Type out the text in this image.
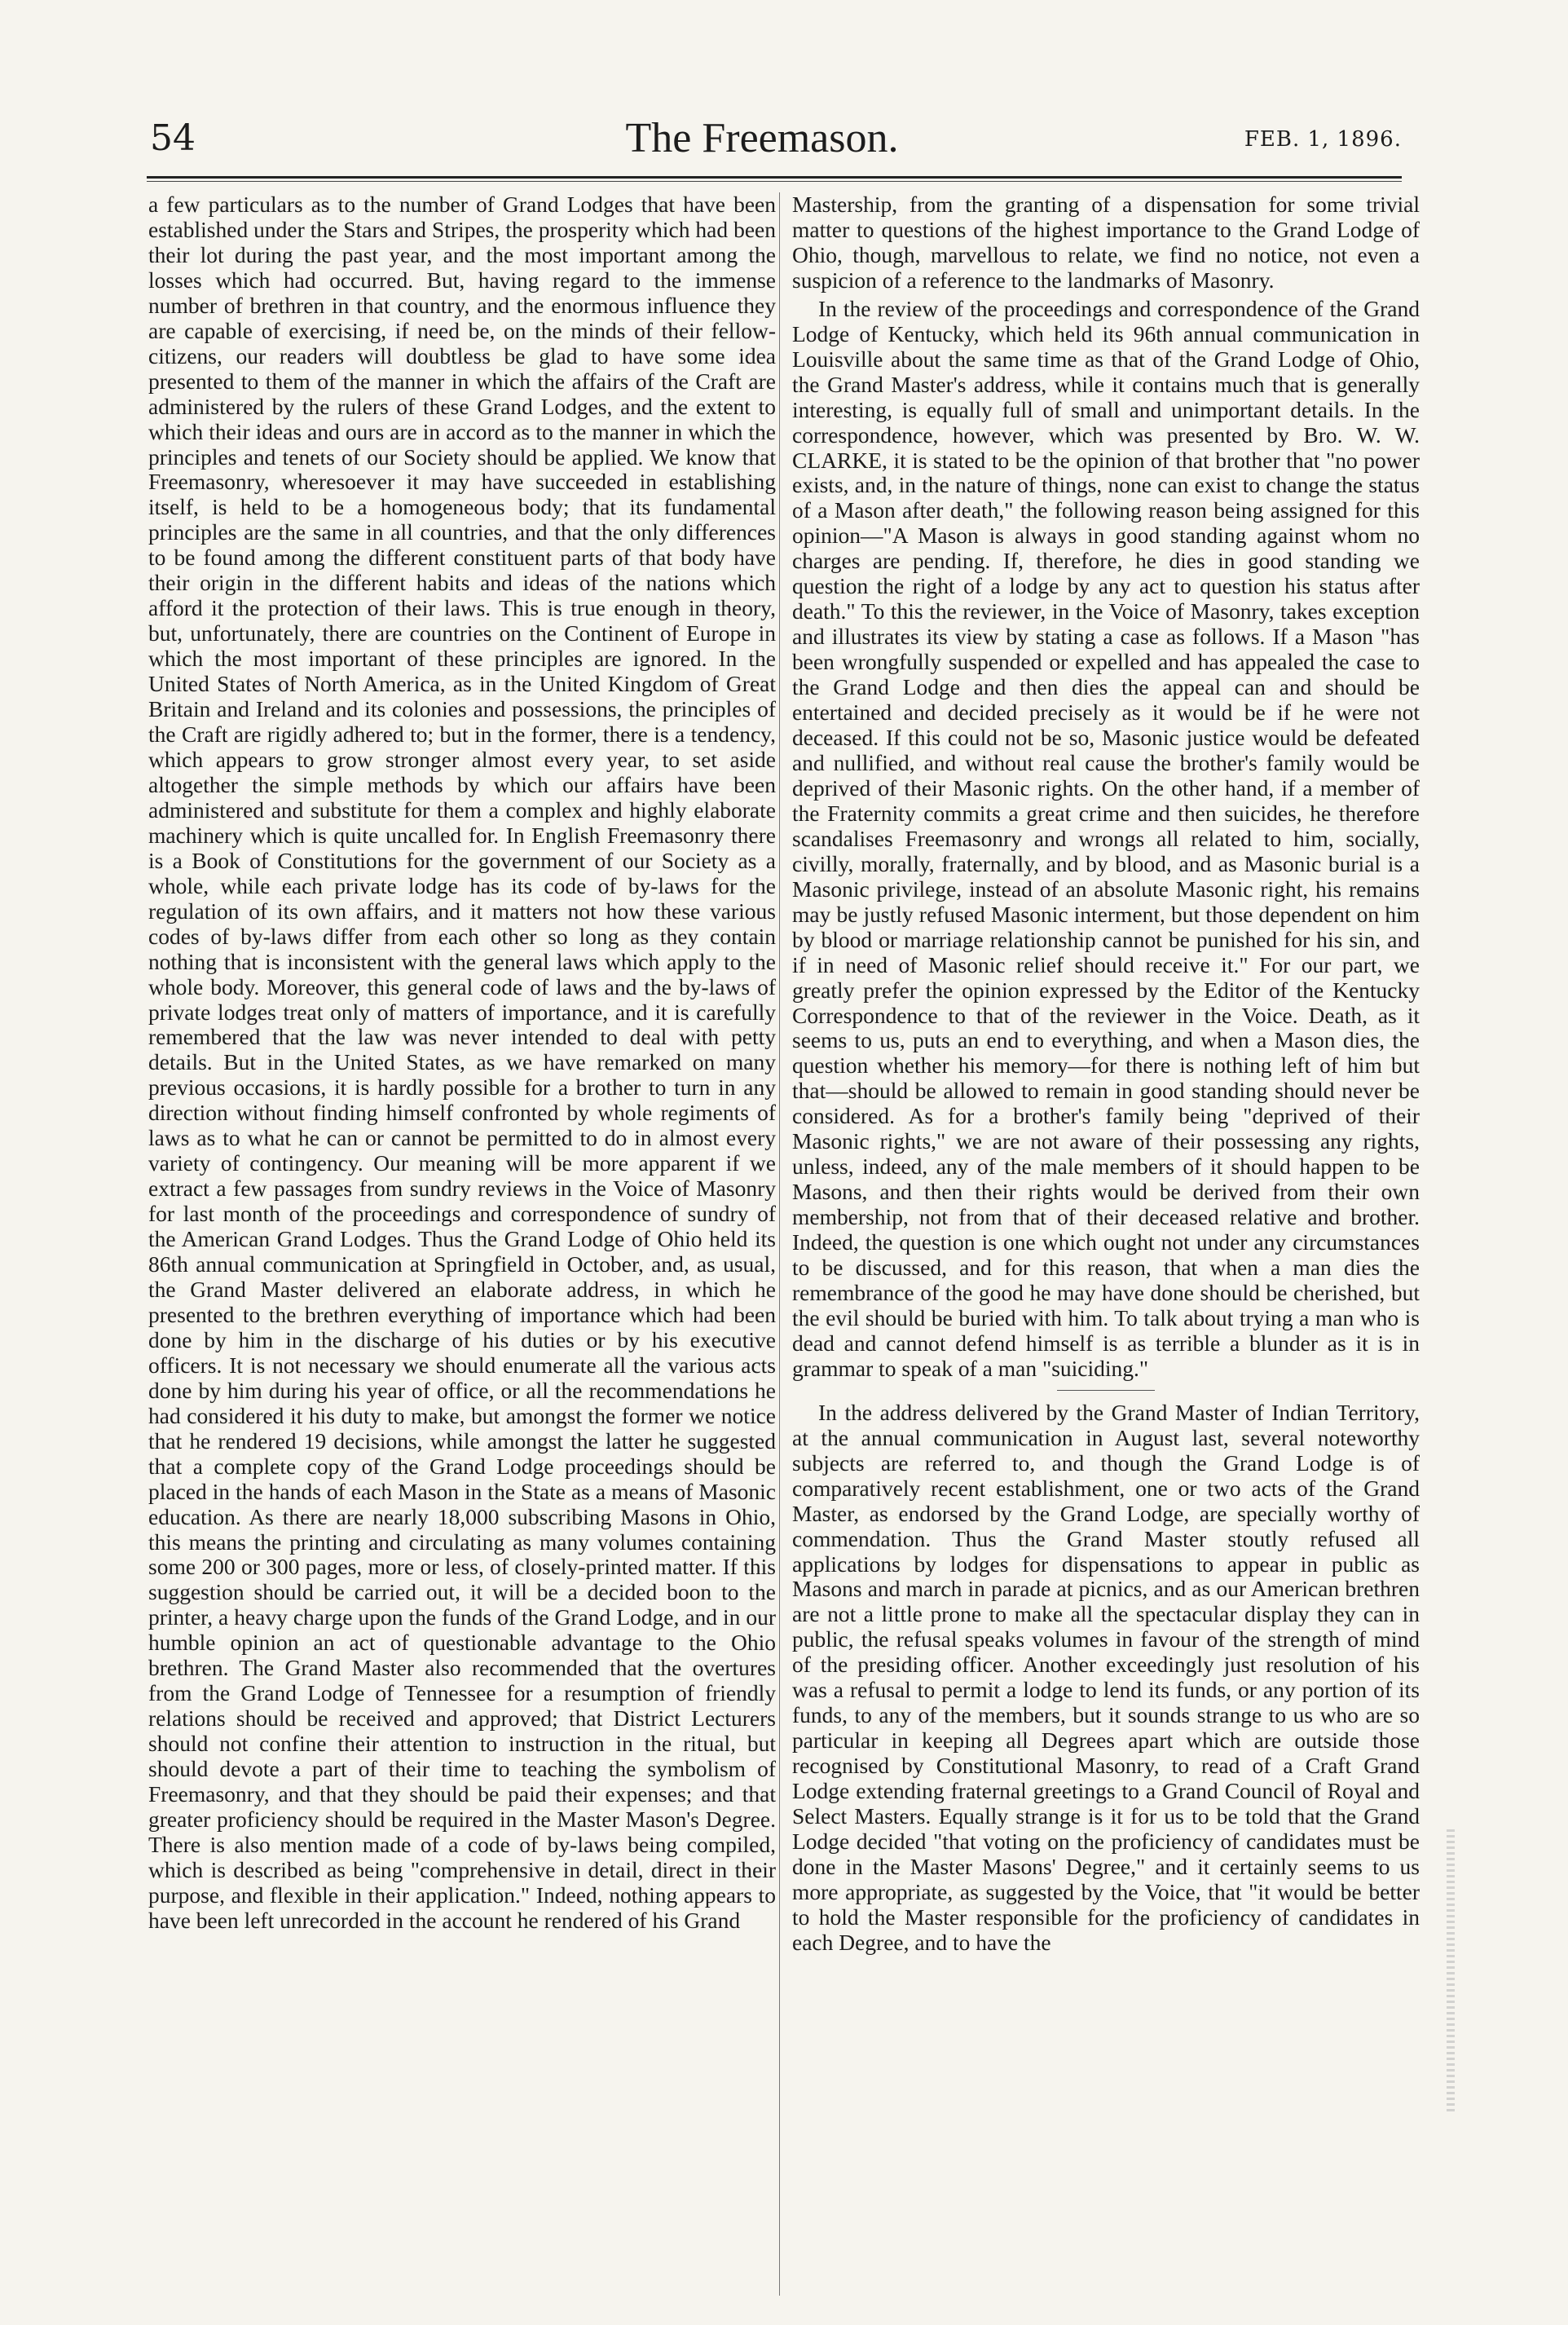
54	The Freemason.	FEB. 1, 1896.

a few particulars as to the number of Grand Lodges that have been established under the Stars and Stripes, the prosperity which had been their lot during the past year, and the most important among the losses which had occurred. But, having regard to the immense number of brethren in that country, and the enormous influence they are capable of exercising, if need be, on the minds of their fellow-citizens, our readers will doubtless be glad to have some idea presented to them of the manner in which the affairs of the Craft are administered by the rulers of these Grand Lodges, and the extent to which their ideas and ours are in accord as to the manner in which the principles and tenets of our Society should be applied. We know that Freemasonry, wheresoever it may have succeeded in establishing itself, is held to be a homogeneous body; that its fundamental principles are the same in all countries, and that the only differences to be found among the different constituent parts of that body have their origin in the different habits and ideas of the nations which afford it the protection of their laws. This is true enough in theory, but, unfortunately, there are countries on the Continent of Europe in which the most important of these principles are ignored. In the United States of North America, as in the United Kingdom of Great Britain and Ireland and its colonies and possessions, the principles of the Craft are rigidly adhered to; but in the former, there is a tendency, which appears to grow stronger almost every year, to set aside altogether the simple methods by which our affairs have been administered and substitute for them a complex and highly elaborate machinery which is quite uncalled for. In English Freemasonry there is a Book of Constitutions for the government of our Society as a whole, while each private lodge has its code of by-laws for the regulation of its own affairs, and it matters not how these various codes of by-laws differ from each other so long as they contain nothing that is inconsistent with the general laws which apply to the whole body. Moreover, this general code of laws and the by-laws of private lodges treat only of matters of importance, and it is carefully remembered that the law was never intended to deal with petty details. But in the United States, as we have remarked on many previous occasions, it is hardly possible for a brother to turn in any direction without finding himself confronted by whole regiments of laws as to what he can or cannot be permitted to do in almost every variety of contingency. Our meaning will be more apparent if we extract a few passages from sundry reviews in the Voice of Masonry for last month of the proceedings and correspondence of sundry of the American Grand Lodges. Thus the Grand Lodge of Ohio held its 86th annual communication at Springfield in October, and, as usual, the Grand Master delivered an elaborate address, in which he presented to the brethren everything of importance which had been done by him in the discharge of his duties or by his executive officers. It is not necessary we should enumerate all the various acts done by him during his year of office, or all the recommendations he had considered it his duty to make, but amongst the former we notice that he rendered 19 decisions, while amongst the latter he suggested that a complete copy of the Grand Lodge proceedings should be placed in the hands of each Mason in the State as a means of Masonic education. As there are nearly 18,000 subscribing Masons in Ohio, this means the printing and circulating as many volumes containing some 200 or 300 pages, more or less, of closely-printed matter. If this suggestion should be carried out, it will be a decided boon to the printer, a heavy charge upon the funds of the Grand Lodge, and in our humble opinion an act of questionable advantage to the Ohio brethren. The Grand Master also recommended that the overtures from the Grand Lodge of Tennessee for a resumption of friendly relations should be received and approved; that District Lecturers should not confine their attention to instruction in the ritual, but should devote a part of their time to teaching the symbolism of Freemasonry, and that they should be paid their expenses; and that greater proficiency should be required in the Master Mason's Degree. There is also mention made of a code of by-laws being compiled, which is described as being "comprehensive in detail, direct in their purpose, and flexible in their application." Indeed, nothing appears to have been left unrecorded in the account he rendered of his Grand

Mastership, from the granting of a dispensation for some trivial matter to questions of the highest importance to the Grand Lodge of Ohio, though, marvellous to relate, we find no notice, not even a suspicion of a reference to the landmarks of Masonry.

In the review of the proceedings and correspondence of the Grand Lodge of Kentucky, which held its 96th annual communication in Louisville about the same time as that of the Grand Lodge of Ohio, the Grand Master's address, while it contains much that is generally interesting, is equally full of small and unimportant details. In the correspondence, however, which was presented by Bro. W. W. CLARKE, it is stated to be the opinion of that brother that "no power exists, and, in the nature of things, none can exist to change the status of a Mason after death," the following reason being assigned for this opinion—"A Mason is always in good standing against whom no charges are pending. If, therefore, he dies in good standing we question the right of a lodge by any act to question his status after death." To this the reviewer, in the Voice of Masonry, takes exception and illustrates its view by stating a case as follows. If a Mason "has been wrongfully suspended or expelled and has appealed the case to the Grand Lodge and then dies the appeal can and should be entertained and decided precisely as it would be if he were not deceased. If this could not be so, Masonic justice would be defeated and nullified, and without real cause the brother's family would be deprived of their Masonic rights. On the other hand, if a member of the Fraternity commits a great crime and then suicides, he therefore scandalises Freemasonry and wrongs all related to him, socially, civilly, morally, fraternally, and by blood, and as Masonic burial is a Masonic privilege, instead of an absolute Masonic right, his remains may be justly refused Masonic interment, but those dependent on him by blood or marriage relationship cannot be punished for his sin, and if in need of Masonic relief should receive it." For our part, we greatly prefer the opinion expressed by the Editor of the Kentucky Correspondence to that of the reviewer in the Voice. Death, as it seems to us, puts an end to everything, and when a Mason dies, the question whether his memory—for there is nothing left of him but that—should be allowed to remain in good standing should never be considered. As for a brother's family being "deprived of their Masonic rights," we are not aware of their possessing any rights, unless, indeed, any of the male members of it should happen to be Masons, and then their rights would be derived from their own membership, not from that of their deceased relative and brother. Indeed, the question is one which ought not under any circumstances to be discussed, and for this reason, that when a man dies the remembrance of the good he may have done should be cherished, but the evil should be buried with him. To talk about trying a man who is dead and cannot defend himself is as terrible a blunder as it is in grammar to speak of a man "suiciding."

In the address delivered by the Grand Master of Indian Territory, at the annual communication in August last, several noteworthy subjects are referred to, and though the Grand Lodge is of comparatively recent establishment, one or two acts of the Grand Master, as endorsed by the Grand Lodge, are specially worthy of commendation. Thus the Grand Master stoutly refused all applications by lodges for dispensations to appear in public as Masons and march in parade at picnics, and as our American brethren are not a little prone to make all the spectacular display they can in public, the refusal speaks volumes in favour of the strength of mind of the presiding officer. Another exceedingly just resolution of his was a refusal to permit a lodge to lend its funds, or any portion of its funds, to any of the members, but it sounds strange to us who are so particular in keeping all Degrees apart which are outside those recognised by Constitutional Masonry, to read of a Craft Grand Lodge extending fraternal greetings to a Grand Council of Royal and Select Masters. Equally strange is it for us to be told that the Grand Lodge decided "that voting on the proficiency of candidates must be done in the Master Masons' Degree," and it certainly seems to us more appropriate, as suggested by the Voice, that "it would be better to hold the Master responsible for the proficiency of candidates in each Degree, and to have the
